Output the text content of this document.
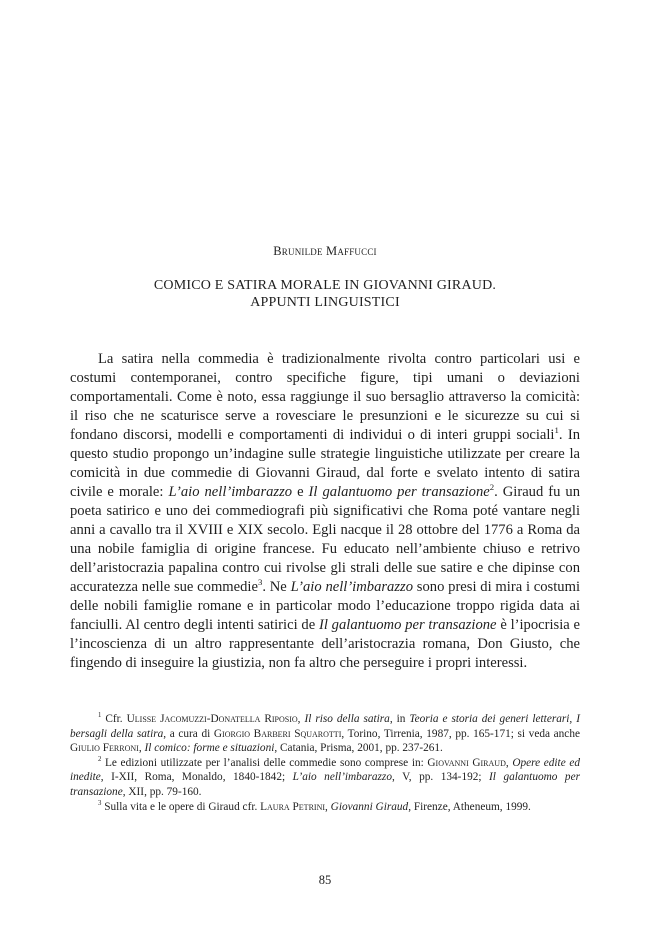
Brunilde Maffucci
COMICO E SATIRA MORALE IN GIOVANNI GIRAUD.
APPUNTI LINGUISTICI

La satira nella commedia è tradizionalmente rivolta contro particolari usi e costumi contemporanei, contro specifiche figure, tipi umani o deviazioni comportamentali. Come è noto, essa raggiunge il suo bersaglio attraverso la comicità: il riso che ne scaturisce serve a rovesciare le presunzioni e le sicurezze su cui si fondano discorsi, modelli e comportamenti di individui o di interi gruppi sociali$^1$. In questo studio propongo un’indagine sulle strategie linguistiche utilizzate per creare la comicità in due commedie di Giovanni Giraud, dal forte e svelato intento di satira civile e morale: L’aio nell’imbarazzo e Il galantuomo per transazione$^2$. Giraud fu un poeta satirico e uno dei commediografi più significativi che Roma poté vantare negli anni a cavallo tra il XVIII e XIX secolo. Egli nacque il 28 ottobre del 1776 a Roma da una nobile famiglia di origine francese. Fu educato nell’ambiente chiuso e retrivo dell’aristocrazia papalina contro cui rivolse gli strali delle sue satire e che dipinse con accuratezza nelle sue commedie$^3$. Ne L’aio nell’imbarazzo sono presi di mira i costumi delle nobili famiglie romane e in particolar modo l’educazione troppo rigida data ai fanciulli. Al centro degli intenti satirici de Il galantuomo per transazione è l’ipocrisia e l’incoscienza di un altro rappresentante dell’aristocrazia romana, Don Giusto, che fingendo di inseguire la giustizia, non fa altro che perseguire i propri interessi.

$^1$ Cfr. Ulisse Jacomuzzi-Donatella Riposio, Il riso della satira, in Teoria e storia dei generi letterari, I bersagli della satira, a cura di Giorgio Barberi Squarotti, Torino, Tirrenia, 1987, pp. 165-171; si veda anche Giulio Ferroni, Il comico: forme e situazioni, Catania, Prisma, 2001, pp. 237-261.

$^2$ Le edizioni utilizzate per l’analisi delle commedie sono comprese in: Giovanni Giraud, Opere edite ed inedite, I-XII, Roma, Monaldo, 1840-1842; L’aio nell’imbarazzo, V, pp. 134-192; Il galantuomo per transazione, XII, pp. 79-160.

$^3$ Sulla vita e le opere di Giraud cfr. Laura Petrini, Giovanni Giraud, Firenze, Atheneum, 1999.

85
